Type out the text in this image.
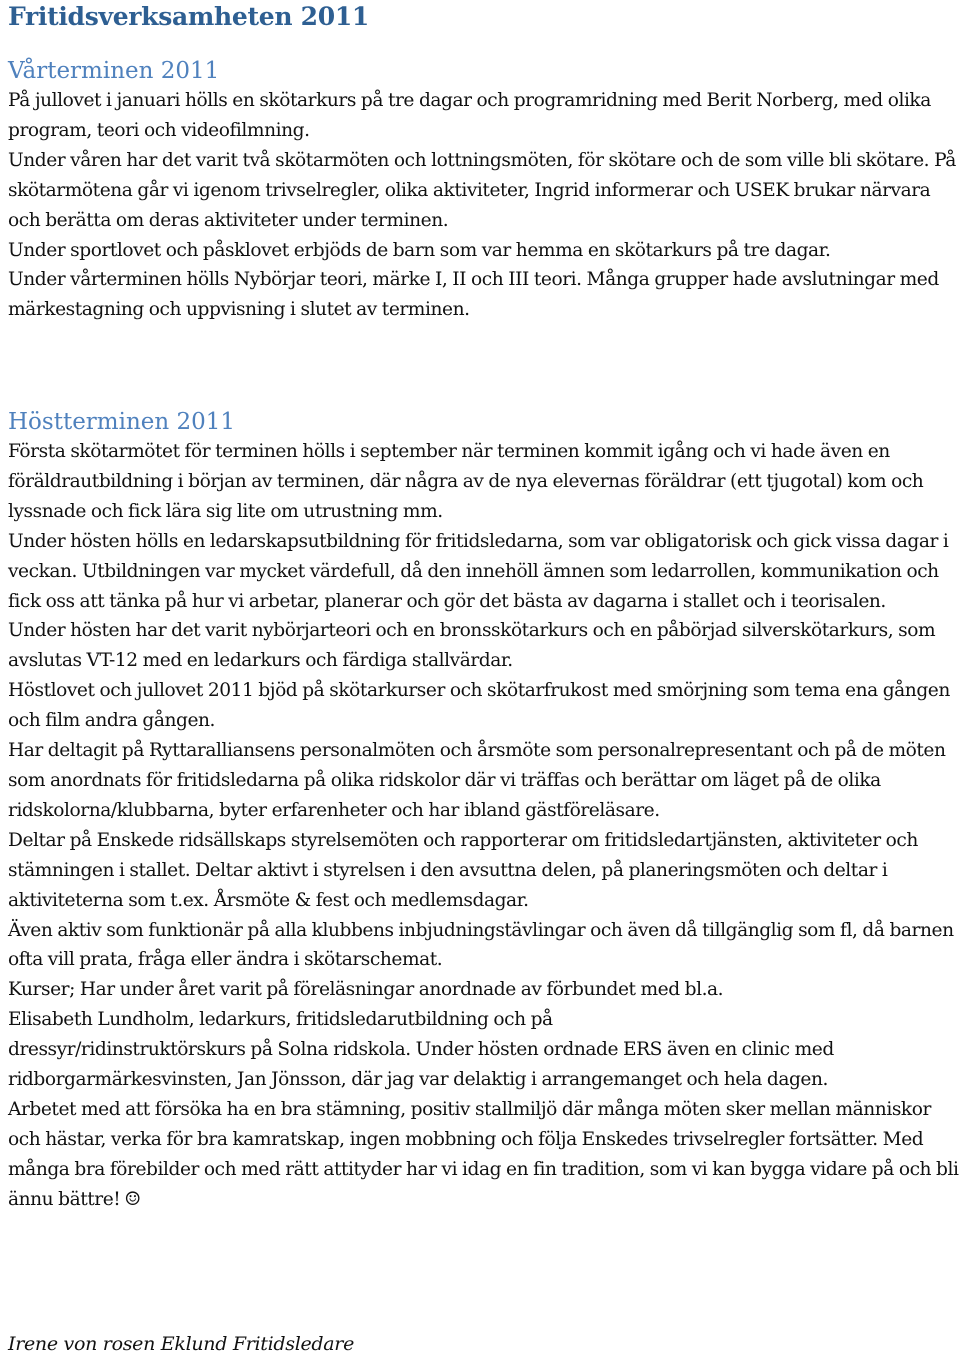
Fritidsverksamheten 2011
Vårterminen 2011

På jullovet i januari hölls en skötarkurs på tre dagar och programridning med Berit Norberg, med olika program, teori och videofilmning.

Under våren har det varit två skötarmöten och lottningsmöten, för skötare och de som ville bli skötare. På skötarmötena går vi igenom trivselregler, olika aktiviteter, Ingrid informerar och USEK brukar närvara och berätta om deras aktiviteter under terminen.

Under sportlovet och påsklovet erbjöds de barn som var hemma en skötarkurs på tre dagar.

Under vårterminen hölls Nybörjar teori, märke I, II och III teori. Många grupper hade avslutningar med märkestagning och uppvisning i slutet av terminen.

Höstterminen 2011

Första skötarmötet för terminen hölls i september när terminen kommit igång och vi hade även en föräldrautbildning i början av terminen, där några av de nya elevernas föräldrar (ett tjugotal) kom och lyssnade och fick lära sig lite om utrustning mm.

Under hösten hölls en ledarskapsutbildning för fritidsledarna, som var obligatorisk och gick vissa dagar i veckan. Utbildningen var mycket värdefull, då den innehöll ämnen som ledarrollen, kommunikation och fick oss att tänka på hur vi arbetar, planerar och gör det bästa av dagarna i stallet och i teorisalen.

Under hösten har det varit nybörjarteori och en bronsskötarkurs och en påbörjad silverskötarkurs, som avslutas VT-12 med en ledarkurs och färdiga stallvärdar.

Höstlovet och jullovet 2011 bjöd på skötarkurser och skötarfrukost med smörjning som tema ena gången och film andra gången.

Har deltagit på Ryttaralliansens personalmöten och årsmöte som personalrepresentant och på de möten som anordnats för fritidsledarna på olika ridskolor där vi träffas och berättar om läget på de olika ridskolorna/klubbarna, byter erfarenheter och har ibland gästföreläsare.

Deltar på Enskede ridsällskaps styrelsemöten och rapporterar om fritidsledartjänsten, aktiviteter och stämningen i stallet. Deltar aktivt i styrelsen i den avsuttna delen, på planeringsmöten och deltar i aktiviteterna som t.ex. Årsmöte & fest och medlemsdagar.

Även aktiv som funktionär på alla klubbens inbjudningstävlingar och även då tillgänglig som fl, då barnen ofta vill prata, fråga eller ändra i skötarschemat.

Kurser; Har under året varit på föreläsningar anordnade av förbundet med bl.a.

Elisabeth Lundholm, ledarkurs, fritidsledarutbildning och på

dressyr/ridinstruktörskurs på Solna ridskola. Under hösten ordnade ERS även en clinic med ridborgarmärkesvinsten, Jan Jönsson, där jag var delaktig i arrangemanget och hela dagen.

Arbetet med att försöka ha en bra stämning, positiv stallmiljö där många möten sker mellan människor och hästar, verka för bra kamratskap, ingen mobbning och följa Enskedes trivselregler fortsätter. Med många bra förebilder och med rätt attityder har vi idag en fin tradition, som vi kan bygga vidare på och bli ännu bättre! ☺

Irene von rosen Eklund Fritidsledare
